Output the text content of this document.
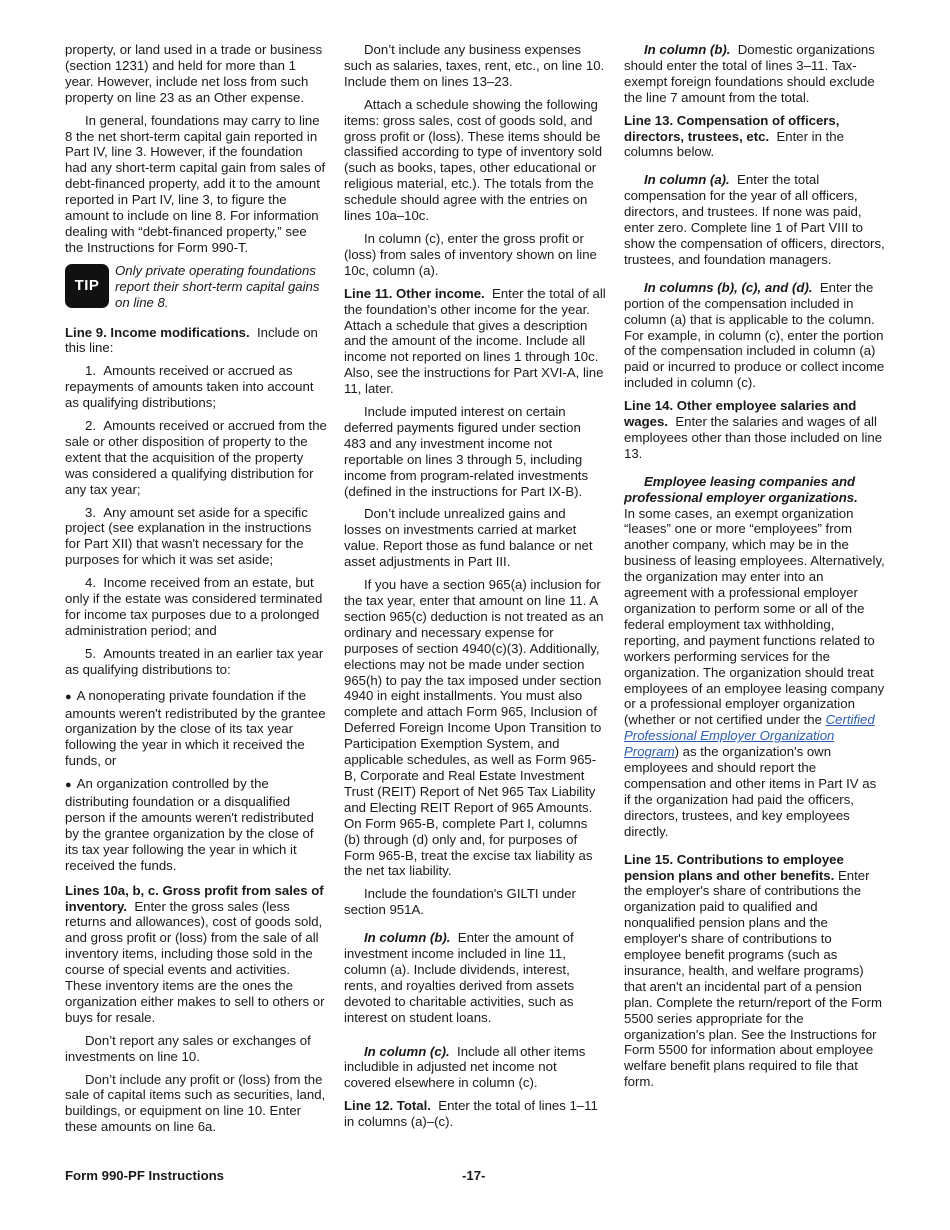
property, or land used in a trade or business (section 1231) and held for more than 1 year. However, include net loss from such property on line 23 as an Other expense.

In general, foundations may carry to line 8 the net short-term capital gain reported in Part IV, line 3. However, if the foundation had any short-term capital gain from sales of debt-financed property, add it to the amount reported in Part IV, line 3, to figure the amount to include on line 8. For information dealing with “debt-financed property,” see the Instructions for Form 990-T.

TIP
Only private operating foundations report their short-term capital gains on line 8.

Line 9. Income modifications. Include on this line:

1.  Amounts received or accrued as repayments of amounts taken into account as qualifying distributions;

2.  Amounts received or accrued from the sale or other disposition of property to the extent that the acquisition of the property was considered a qualifying distribution for any tax year;

3.  Any amount set aside for a specific project (see explanation in the instructions for Part XII) that wasn't necessary for the purposes for which it was set aside;

4.  Income received from an estate, but only if the estate was considered terminated for income tax purposes due to a prolonged administration period; and

5.  Amounts treated in an earlier tax year as qualifying distributions to:

● A nonoperating private foundation if the amounts weren't redistributed by the grantee organization by the close of its tax year following the year in which it received the funds, or

● An organization controlled by the distributing foundation or a disqualified person if the amounts weren't redistributed by the grantee organization by the close of its tax year following the year in which it received the funds.

Lines 10a, b, c. Gross profit from sales of inventory. Enter the gross sales (less returns and allowances), cost of goods sold, and gross profit or (loss) from the sale of all inventory items, including those sold in the course of special events and activities. These inventory items are the ones the organization either makes to sell to others or buys for resale.

Don’t report any sales or exchanges of investments on line 10.

Don’t include any profit or (loss) from the sale of capital items such as securities, land, buildings, or equipment on line 10. Enter these amounts on line 6a.

Don’t include any business expenses such as salaries, taxes, rent, etc., on line 10. Include them on lines 13–23.

Attach a schedule showing the following items: gross sales, cost of goods sold, and gross profit or (loss). These items should be classified according to type of inventory sold (such as books, tapes, other educational or religious material, etc.). The totals from the schedule should agree with the entries on lines 10a–10c.

In column (c), enter the gross profit or (loss) from sales of inventory shown on line 10c, column (a).

Line 11. Other income. Enter the total of all the foundation's other income for the year. Attach a schedule that gives a description and the amount of the income. Include all income not reported on lines 1 through 10c. Also, see the instructions for Part XVI-A, line 11, later.

Include imputed interest on certain deferred payments figured under section 483 and any investment income not reportable on lines 3 through 5, including income from program-related investments (defined in the instructions for Part IX-B).

Don’t include unrealized gains and losses on investments carried at market value. Report those as fund balance or net asset adjustments in Part III.

If you have a section 965(a) inclusion for the tax year, enter that amount on line 11. A section 965(c) deduction is not treated as an ordinary and necessary expense for purposes of section 4940(c)(3). Additionally, elections may not be made under section 965(h) to pay the tax imposed under section 4940 in eight installments. You must also complete and attach Form 965, Inclusion of Deferred Foreign Income Upon Transition to Participation Exemption System, and applicable schedules, as well as Form 965-B, Corporate and Real Estate Investment Trust (REIT) Report of Net 965 Tax Liability and Electing REIT Report of 965 Amounts. On Form 965-B, complete Part I, columns (b) through (d) only and, for purposes of Form 965-B, treat the excise tax liability as the net tax liability.

Include the foundation's GILTI under section 951A.

In column (b). Enter the amount of investment income included in line 11, column (a). Include dividends, interest, rents, and royalties derived from assets devoted to charitable activities, such as interest on student loans.

In column (c). Include all other items includible in adjusted net income not covered elsewhere in column (c).

Line 12. Total. Enter the total of lines 1–11 in columns (a)–(c).

In column (b). Domestic organizations should enter the total of lines 3–11. Tax-exempt foreign foundations should exclude the line 7 amount from the total.

Line 13. Compensation of officers, directors, trustees, etc. Enter in the columns below.

In column (a). Enter the total compensation for the year of all officers, directors, and trustees. If none was paid, enter zero. Complete line 1 of Part VIII to show the compensation of officers, directors, trustees, and foundation managers.

In columns (b), (c), and (d). Enter the portion of the compensation included in column (a) that is applicable to the column. For example, in column (c), enter the portion of the compensation included in column (a) paid or incurred to produce or collect income included in column (c).

Line 14. Other employee salaries and wages. Enter the salaries and wages of all employees other than those included on line 13.

Employee leasing companies and professional employer organizations.
In some cases, an exempt organization “leases” one or more “employees” from another company, which may be in the business of leasing employees. Alternatively, the organization may enter into an agreement with a professional employer organization to perform some or all of the federal employment tax withholding, reporting, and payment functions related to workers performing services for the organization. The organization should treat employees of an employee leasing company or a professional employer organization (whether or not certified under the Certified Professional Employer Organization Program) as the organization's own employees and should report the compensation and other items in Part IV as if the organization had paid the officers, directors, trustees, and key employees directly.

Line 15. Contributions to employee pension plans and other benefits. Enter the employer's share of contributions the organization paid to qualified and nonqualified pension plans and the employer's share of contributions to employee benefit programs (such as insurance, health, and welfare programs) that aren't an incidental part of a pension plan. Complete the return/report of the Form 5500 series appropriate for the organization's plan. See the Instructions for Form 5500 for information about employee welfare benefit plans required to file that form.

Form 990-PF Instructions	-17-
